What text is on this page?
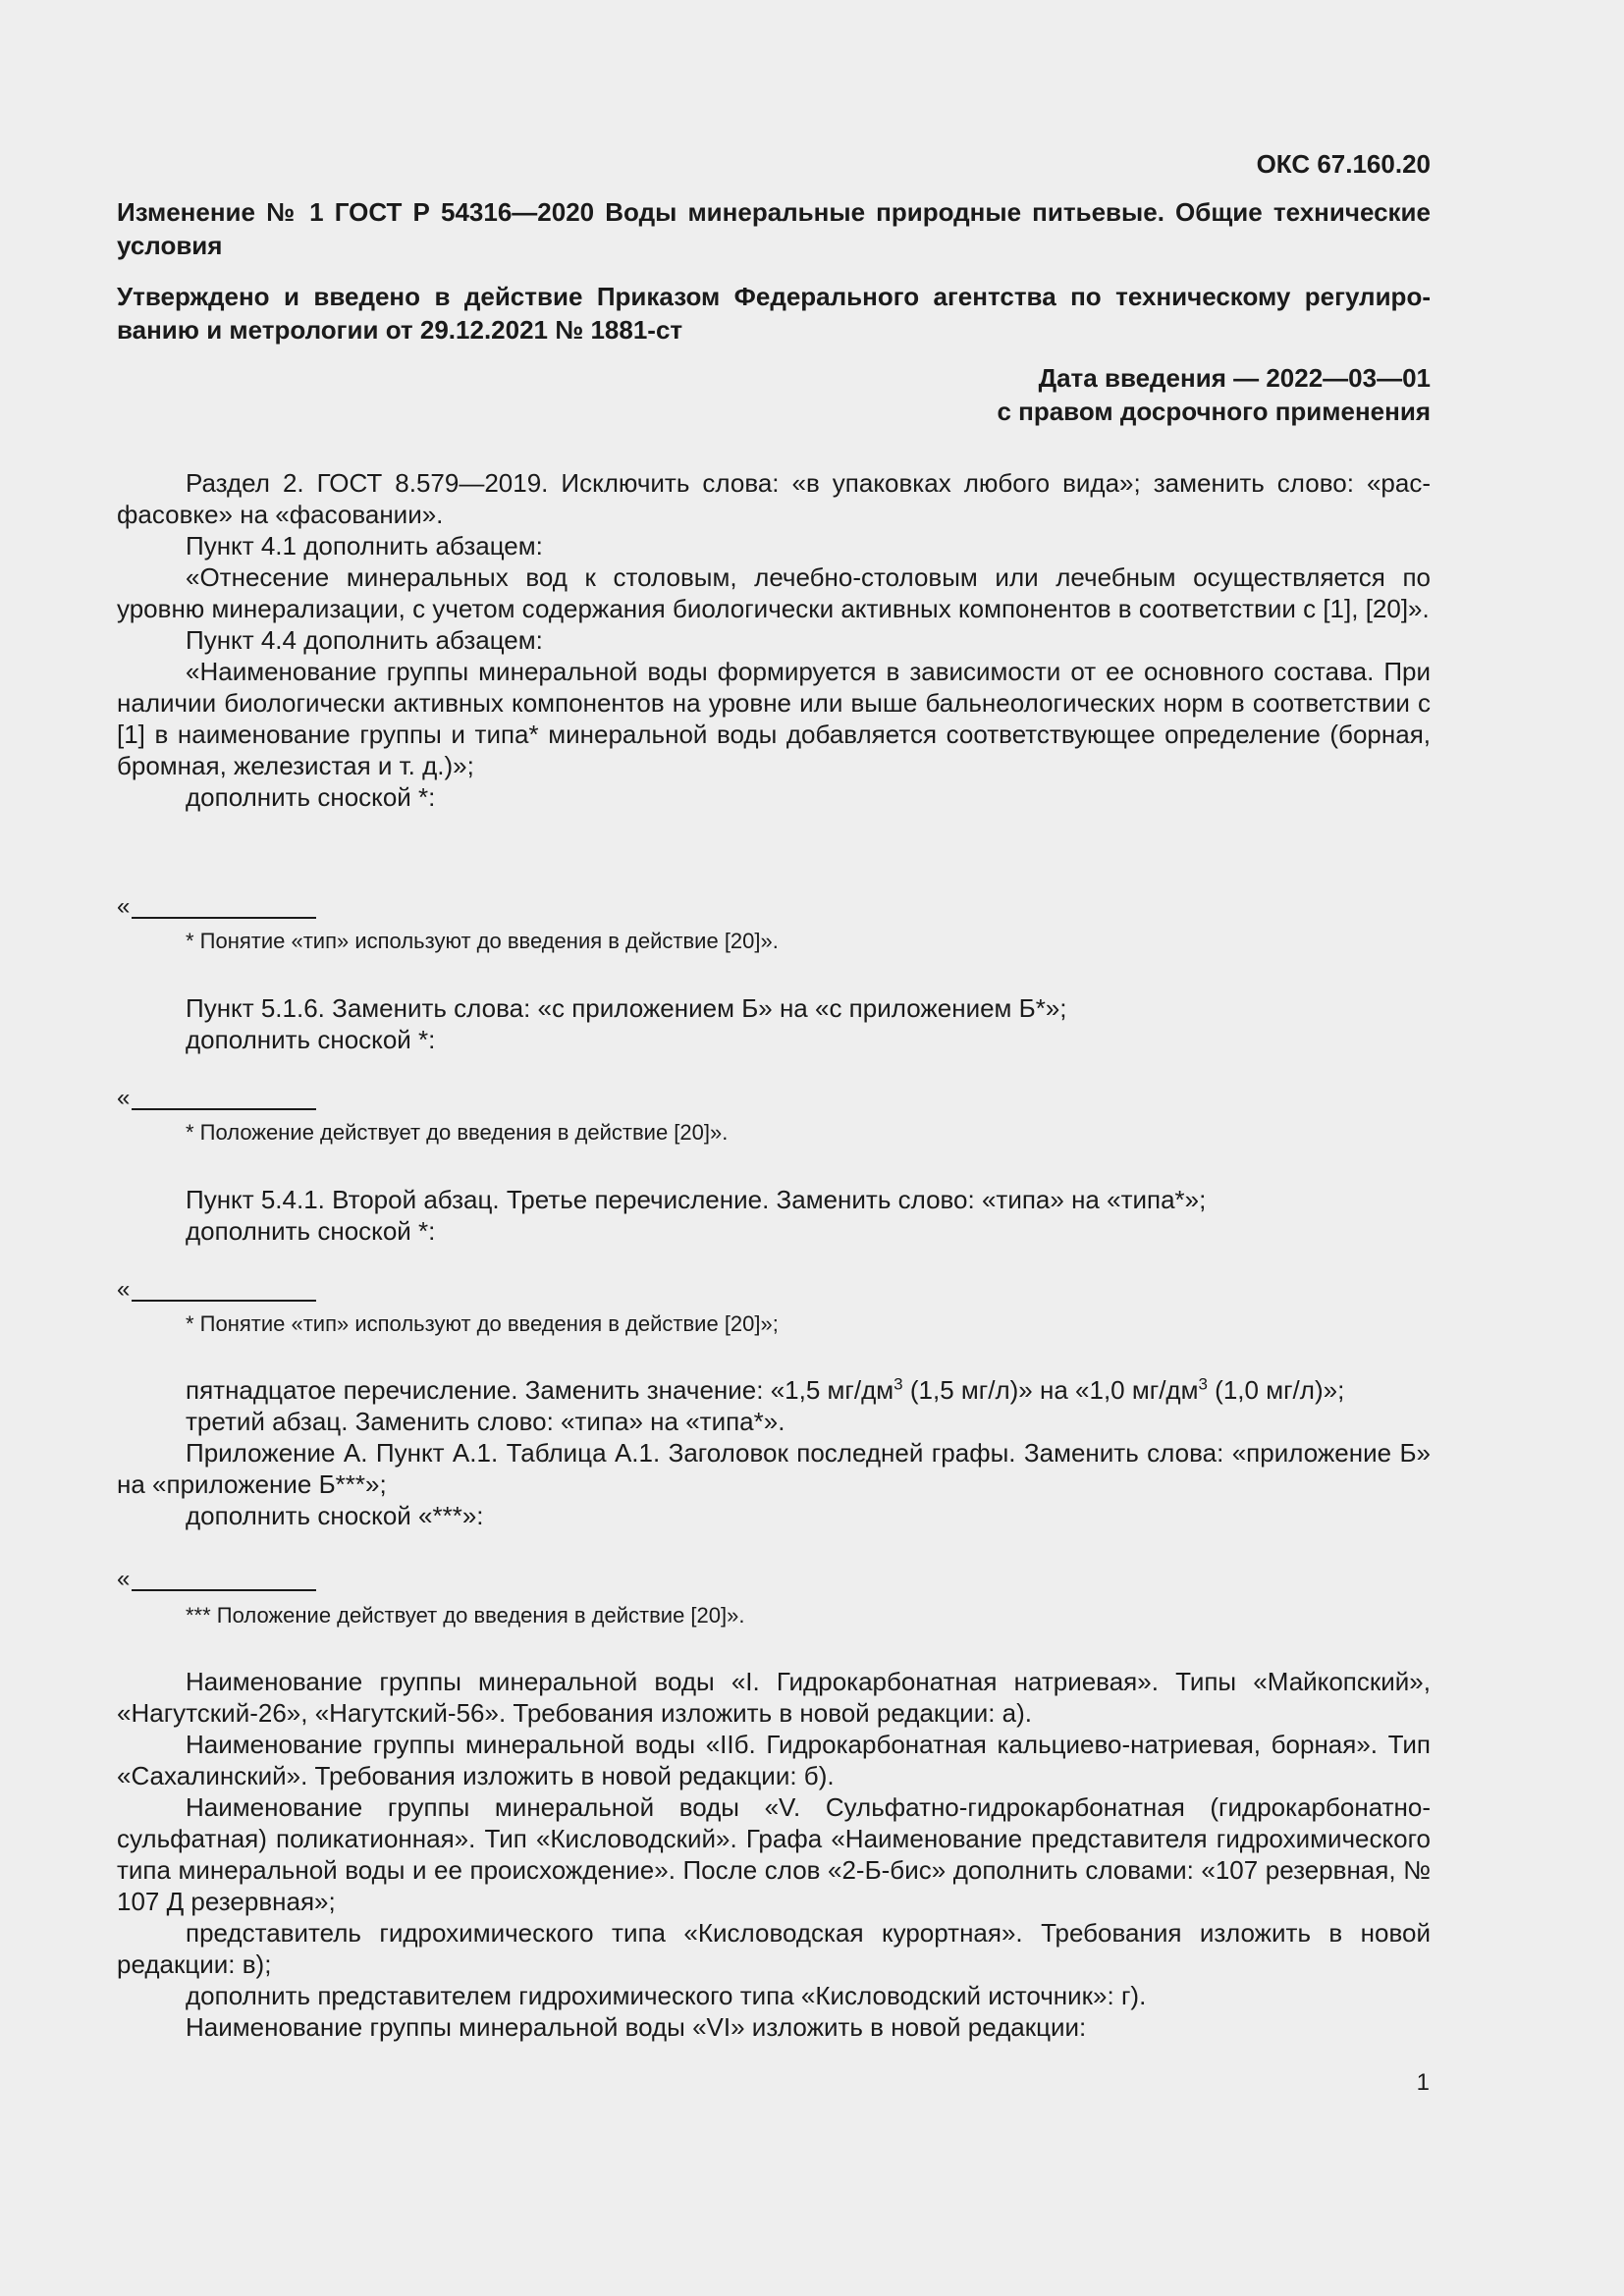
ОКС 67.160.20
Изменение № 1 ГОСТ Р 54316—2020 Воды минеральные природные питьевые. Общие технические условия
Утверждено и введено в действие Приказом Федерального агентства по техническому регулированию и метрологии от 29.12.2021 № 1881-ст
Дата введения — 2022—03—01
с правом досрочного применения

Раздел 2. ГОСТ 8.579—2019. Исключить слова: «в упаковках любого вида»; заменить слово: «расфасовке» на «фасовании».

Пункт 4.1 дополнить абзацем:

«Отнесение минеральных вод к столовым, лечебно-столовым или лечебным осуществляется по уровню минерализации, с учетом содержания биологически активных компонентов в соответствии с [1], [20]».

Пункт 4.4 дополнить абзацем:

«Наименование группы минеральной воды формируется в зависимости от ее основного состава. При наличии биологически активных компонентов на уровне или выше бальнеологических норм в соответствии с [1] в наименование группы и типа* минеральной воды добавляется соответствующее определение (борная, бромная, железистая и т. д.)»;

дополнить сноской *:

«
* Понятие «тип» используют до введения в действие [20]».

Пункт 5.1.6. Заменить слова: «с приложением Б» на «с приложением Б*»;

дополнить сноской *:

«
* Положение действует до введения в действие [20]».

Пункт 5.4.1. Второй абзац. Третье перечисление. Заменить слово: «типа» на «типа*»;

дополнить сноской *:

«
* Понятие «тип» используют до введения в действие [20]»;

пятнадцатое перечисление. Заменить значение: «1,5 $мг/дм^3$ (1,5 мг/л)» на «1,0 $мг/дм^3$ (1,0 мг/л)»;

третий абзац. Заменить слово: «типа» на «типа*».

Приложение А. Пункт А.1. Таблица А.1. Заголовок последней графы. Заменить слова: «приложение Б» на «приложение Б***»;

дополнить сноской «***»:

«
*** Положение действует до введения в действие [20]».

Наименование группы минеральной воды «I. Гидрокарбонатная натриевая». Типы «Майкопский», «Нагутский-26», «Нагутский-56». Требования изложить в новой редакции: а).

Наименование группы минеральной воды «IIб. Гидрокарбонатная кальциево-натриевая, борная». Тип «Сахалинский». Требования изложить в новой редакции: б).

Наименование группы минеральной воды «V. Сульфатно-гидрокарбонатная (гидрокарбонатно-сульфатная) поликатионная». Тип «Кисловодский». Графа «Наименование представителя гидрохимического типа минеральной воды и ее происхождение». После слов «2-Б-бис» дополнить словами: «107 резервная, № 107 Д резервная»;

представитель гидрохимического типа «Кисловодская курортная». Требования изложить в новой редакции: в);

дополнить представителем гидрохимического типа «Кисловодский источник»: г).

Наименование группы минеральной воды «VI» изложить в новой редакции:

1
